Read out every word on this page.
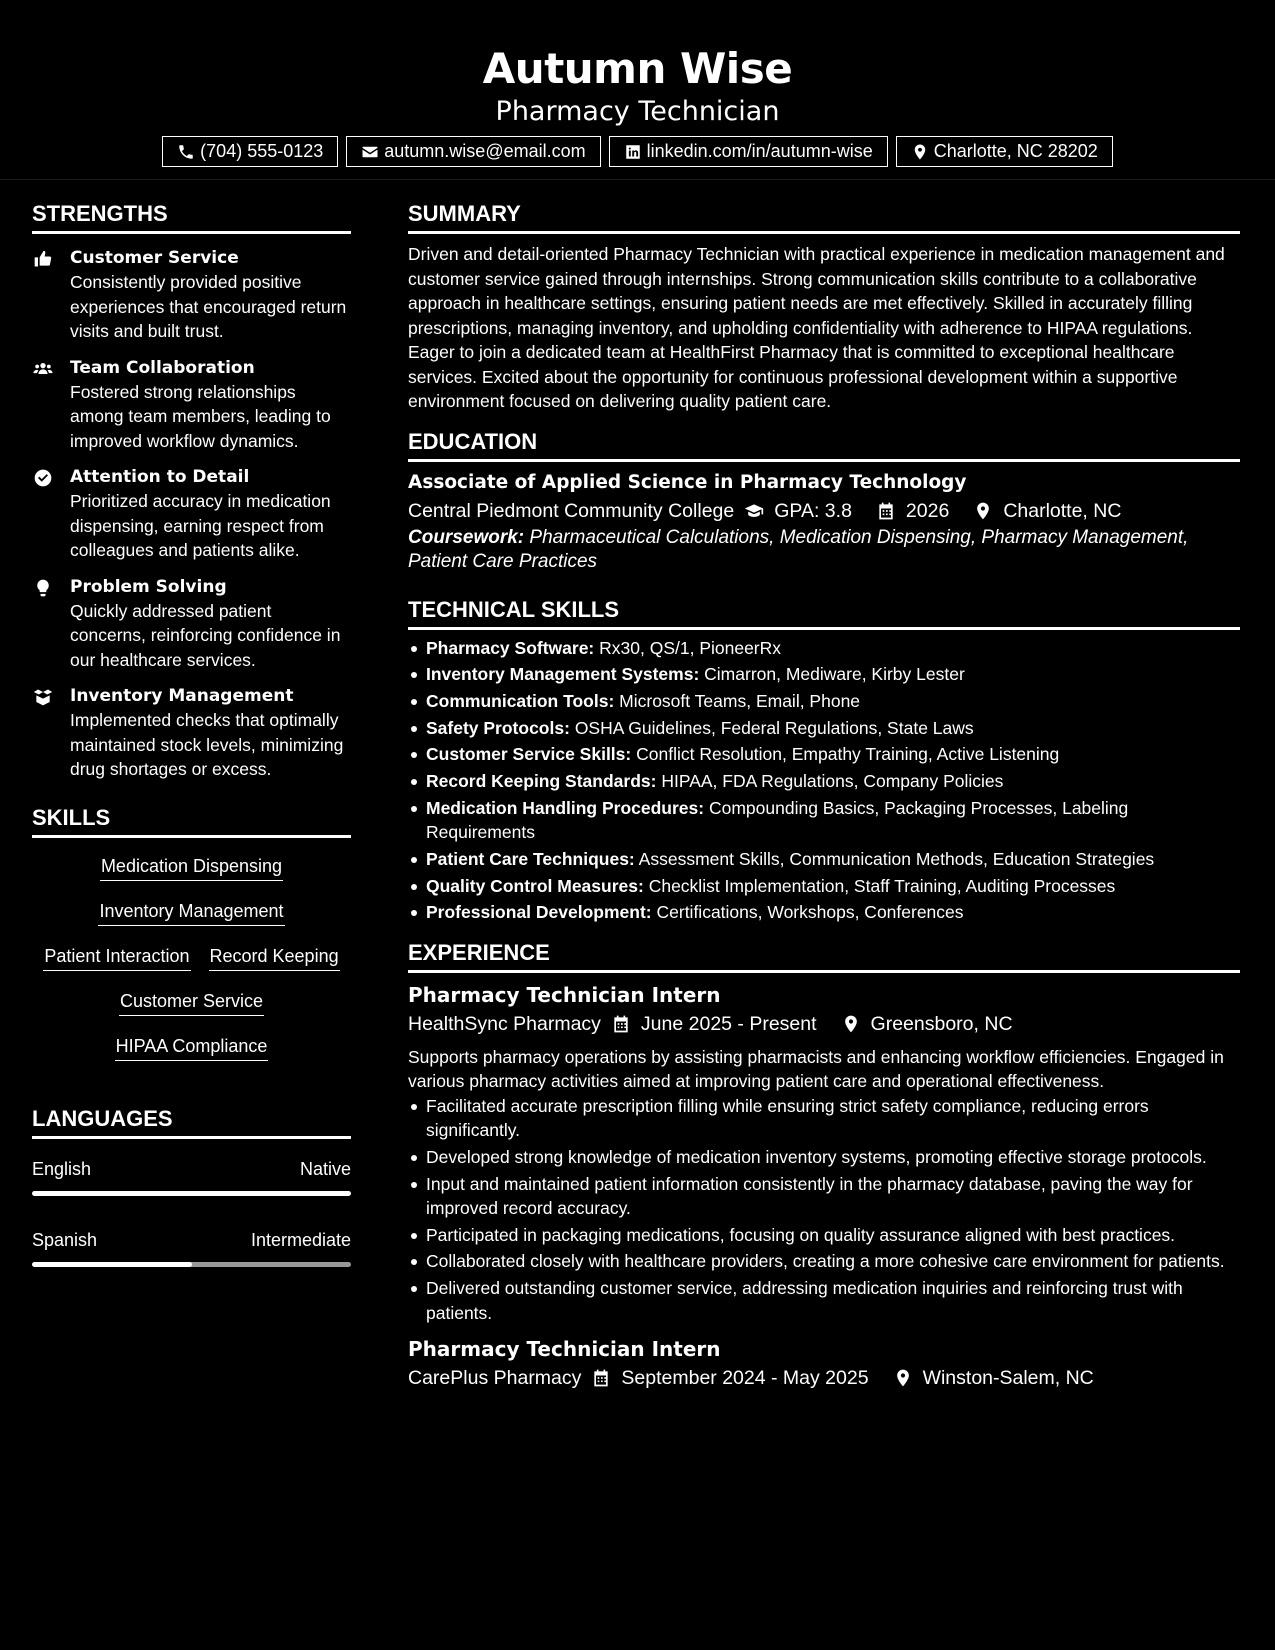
Autumn Wise
Pharmacy Technician
(704) 555-0123	autumn.wise@email.com	linkedin.com/in/autumn-wise	Charlotte, NC 28202
STRENGTHS
Customer Service
Consistently provided positive experiences that encouraged return visits and built trust.
Team Collaboration
Fostered strong relationships among team members, leading to improved workflow dynamics.
Attention to Detail
Prioritized accuracy in medication dispensing, earning respect from colleagues and patients alike.
Problem Solving
Quickly addressed patient concerns, reinforcing confidence in our healthcare services.
Inventory Management
Implemented checks that optimally maintained stock levels, minimizing drug shortages or excess.
SKILLS
Medication Dispensing
Inventory Management
Patient Interaction Record Keeping
Customer Service
HIPAA Compliance
LANGUAGES
English	Native
Spanish	Intermediate
SUMMARY
Driven and detail-oriented Pharmacy Technician with practical experience in medication management and customer service gained through internships. Strong communication skills contribute to a collaborative approach in healthcare settings, ensuring patient needs are met effectively. Skilled in accurately filling prescriptions, managing inventory, and upholding confidentiality with adherence to HIPAA regulations. Eager to join a dedicated team at HealthFirst Pharmacy that is committed to exceptional healthcare services. Excited about the opportunity for continuous professional development within a supportive environment focused on delivering quality patient care.
EDUCATION
Associate of Applied Science in Pharmacy Technology
Central Piedmont Community College GPA: 3.8	2026	Charlotte, NC
Coursework: Pharmaceutical Calculations, Medication Dispensing, Pharmacy Management, Patient Care Practices
TECHNICAL SKILLS
Pharmacy Software: Rx30, QS/1, PioneerRx
Inventory Management Systems: Cimarron, Mediware, Kirby Lester
Communication Tools: Microsoft Teams, Email, Phone
Safety Protocols: OSHA Guidelines, Federal Regulations, State Laws
Customer Service Skills: Conflict Resolution, Empathy Training, Active Listening
Record Keeping Standards: HIPAA, FDA Regulations, Company Policies
Medication Handling Procedures: Compounding Basics, Packaging Processes, Labeling Requirements
Patient Care Techniques: Assessment Skills, Communication Methods, Education Strategies
Quality Control Measures: Checklist Implementation, Staff Training, Auditing Processes
Professional Development: Certifications, Workshops, Conferences
EXPERIENCE
Pharmacy Technician Intern
HealthSync Pharmacy June 2025 - Present	Greensboro, NC
Supports pharmacy operations by assisting pharmacists and enhancing workflow efficiencies. Engaged in various pharmacy activities aimed at improving patient care and operational effectiveness.
Facilitated accurate prescription filling while ensuring strict safety compliance, reducing errors significantly.
Developed strong knowledge of medication inventory systems, promoting effective storage protocols.
Input and maintained patient information consistently in the pharmacy database, paving the way for improved record accuracy.
Participated in packaging medications, focusing on quality assurance aligned with best practices.
Collaborated closely with healthcare providers, creating a more cohesive care environment for patients.
Delivered outstanding customer service, addressing medication inquiries and reinforcing trust with patients.
Pharmacy Technician Intern
CarePlus Pharmacy September 2024 - May 2025	Winston-Salem, NC
